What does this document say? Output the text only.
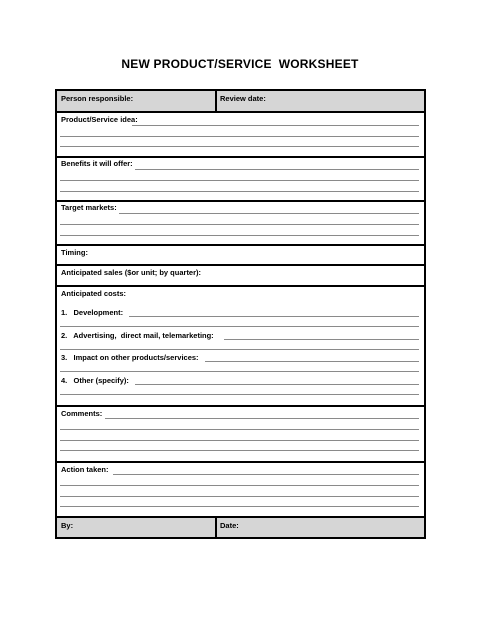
NEW PRODUCT/SERVICE  WORKSHEET
Person responsible:	Review date:
Product/Service idea:
Benefits it will offer:
Target markets:
Timing:
Anticipated sales ($or unit; by quarter):
Anticipated costs:
1.   Development:
2.   Advertising,  direct mail, telemarketing:
3.   Impact on other products/services:
4.   Other (specify):
Comments:
Action taken:
By:	Date:
